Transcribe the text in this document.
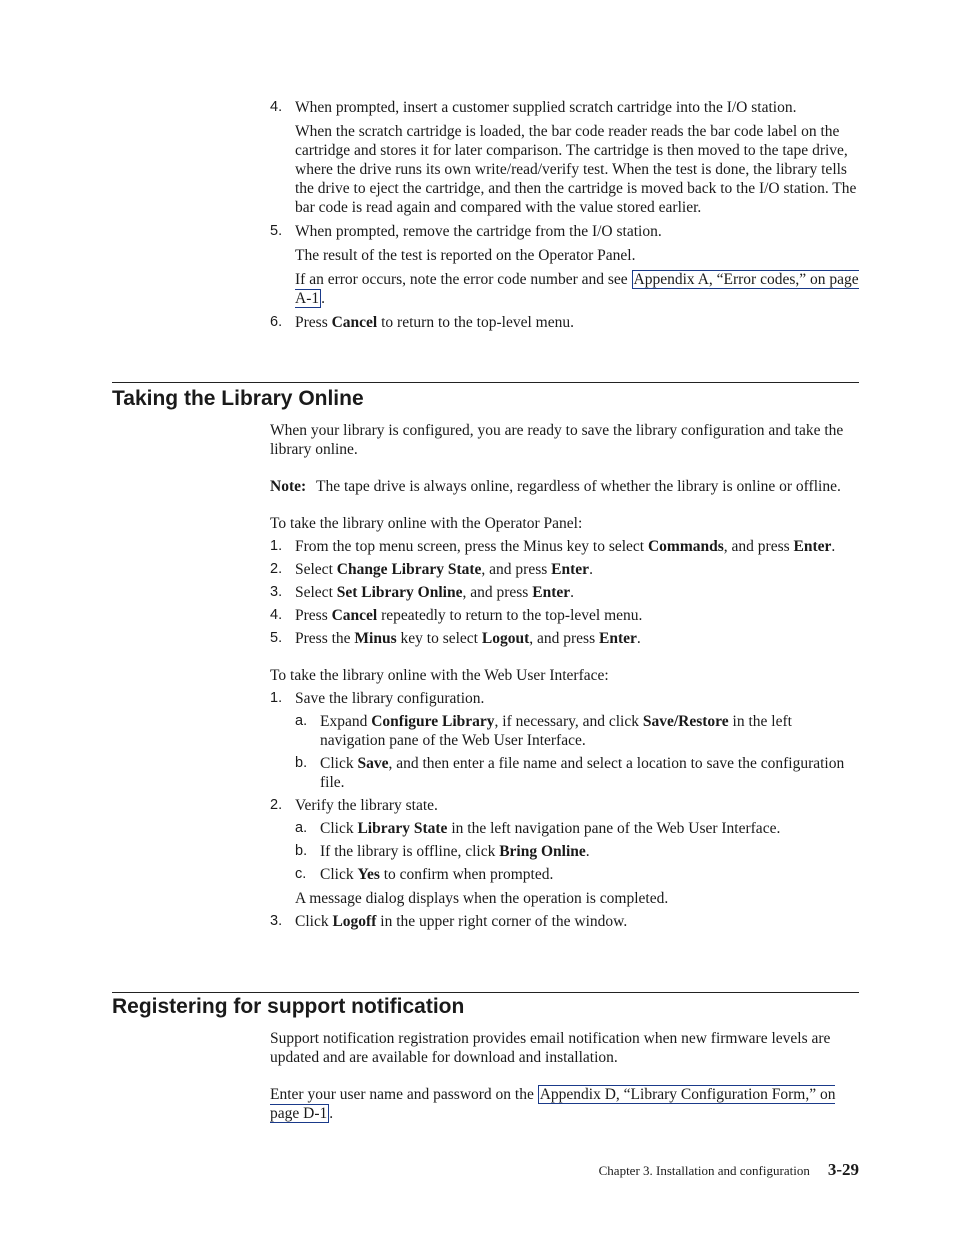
4. When prompted, insert a customer supplied scratch cartridge into the I/O station.

When the scratch cartridge is loaded, the bar code reader reads the bar code label on the cartridge and stores it for later comparison. The cartridge is then moved to the tape drive, where the drive runs its own write/read/verify test. When the test is done, the library tells the drive to eject the cartridge, and then the cartridge is moved back to the I/O station. The bar code is read again and compared with the value stored earlier.

5. When prompted, remove the cartridge from the I/O station.

The result of the test is reported on the Operator Panel.

If an error occurs, note the error code number and see Appendix A, “Error codes,” on page A-1 .

6. Press Cancel to return to the top-level menu.

Taking the Library Online

When your library is configured, you are ready to save the library configuration and take the library online.

Note: The tape drive is always online, regardless of whether the library is online or offline.

To take the library online with the Operator Panel:

1. From the top menu screen, press the Minus key to select Commands, and press Enter.

2. Select Change Library State, and press Enter.

3. Select Set Library Online, and press Enter.

4. Press Cancel repeatedly to return to the top-level menu.

5. Press the Minus key to select Logout, and press Enter.

To take the library online with the Web User Interface:

1. Save the library configuration.

a. Expand Configure Library, if necessary, and click Save/Restore in the left navigation pane of the Web User Interface.

b. Click Save, and then enter a file name and select a location to save the configuration file.

2. Verify the library state.

a. Click Library State in the left navigation pane of the Web User Interface.

b. If the library is offline, click Bring Online.

c. Click Yes to confirm when prompted.

A message dialog displays when the operation is completed.

3. Click Logoff in the upper right corner of the window.

Registering for support notification

Support notification registration provides email notification when new firmware levels are updated and are available for download and installation.

Enter your user name and password on the Appendix D, “Library Configuration Form,” on page D-1 .

Chapter 3. Installation and configuration 3-29
